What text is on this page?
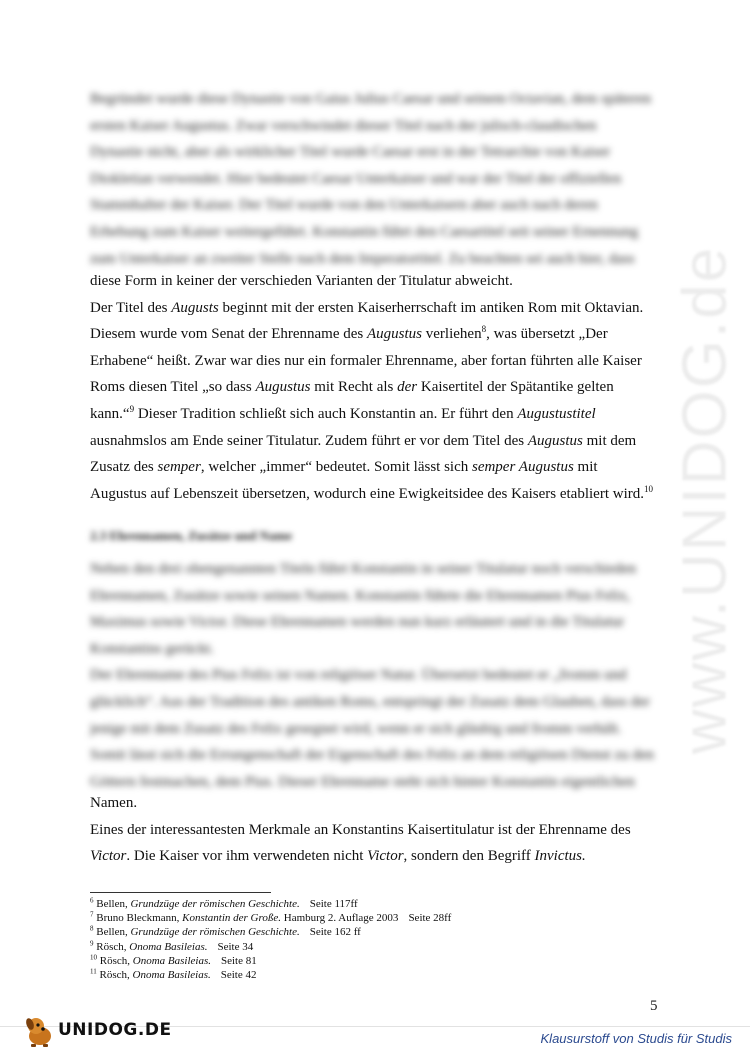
www.UNIDOG.de
Begründet wurde diese Dynastie von Gaius Julius Caesar und seinem Octavian, dem späteren
ersten Kaiser Augustus. Zwar verschwindet dieser Titel nach der julisch-claudischen
Dynastie nicht, aber als wirklicher Titel wurde Caesar erst in der Tetrarchie von Kaiser
Diokletian verwendet. Hier bedeutet Caesar Unterkaiser und war der Titel der offiziellen
Stammhalter der Kaiser. Der Titel wurde von den Unterkaisern aber auch nach deren
Erhebung zum Kaiser weitergeführt. Konstantin führt den Caesartitel seit seiner Ernennung
zum Unterkaiser an zweiter Stelle nach dem Imperatortitel. Zu beachten sei auch hier, dass
diese Form in keiner der verschieden Varianten der Titulatur abweicht.
Der Titel des Augusts beginnt mit der ersten Kaiserherrschaft im antiken Rom mit Oktavian.
Diesem wurde vom Senat der Ehrenname des Augustus verliehen$^8$, was übersetzt „Der
Erhabene“ heißt. Zwar war dies nur ein formaler Ehrenname, aber fortan führten alle Kaiser
Roms diesen Titel „so dass Augustus mit Recht als der Kaisertitel der Spätantike gelten
kann.“$^9$ Dieser Tradition schließt sich auch Konstantin an. Er führt den Augustustitel
ausnahmslos am Ende seiner Titulatur. Zudem führt er vor dem Titel des Augustus mit dem
Zusatz des semper, welcher „immer“ bedeutet. Somit lässt sich semper Augustus mit
Augustus auf Lebenszeit übersetzen, wodurch eine Ewigkeitsidee des Kaisers etabliert wird.$^{10}$
2.3 Ehrennamen, Zusätze und Name
Neben den drei obengenannten Titeln führt Konstantin in seiner Titulatur noch verschieden
Ehrennamen, Zusätze sowie seinen Namen. Konstantin führte die Ehrennamen Pius Felix,
Maximus sowie Victor. Diese Ehrennamen werden nun kurz erläutert und in die Titulatur
Konstantins gerückt.
Der Ehrenname des Pius Felix ist von religiöser Natur. Übersetzt bedeutet er „fromm und
glücklich“. Aus der Tradition des antiken Roms, entspringt der Zusatz dem Glauben, dass der
jenige mit dem Zusatz des Felix gesegnet wird, wenn er sich gläubig und fromm verhält.
Somit lässt sich die Errungenschaft der Eigenschaft des Felix an dem religiösen Dienst zu den
Göttern festmachen, dem Pius. Dieser Ehrenname steht sich hinter Konstantin eigentlichen
Namen.
Eines der interessantesten Merkmale an Konstantins Kaisertitulatur ist der Ehrenname des
Victor. Die Kaiser vor ihm verwendeten nicht Victor, sondern den Begriff Invictus.
$^6$ Bellen, Grundzüge der römischen Geschichte. Seite 117ff
$^7$ Bruno Bleckmann, Konstantin der Große. Hamburg 2. Auflage 2003 Seite 28ff
$^8$ Bellen, Grundzüge der römischen Geschichte. Seite 162 ff
$^9$ Rösch, Onoma Basileias. Seite 34
$^{10}$ Rösch, Onoma Basileias. Seite 81
$^{11}$ Rösch, Onoma Basileias. Seite 42
5
UNIDOG.DE	Klausurstoff von Studis für Studis
